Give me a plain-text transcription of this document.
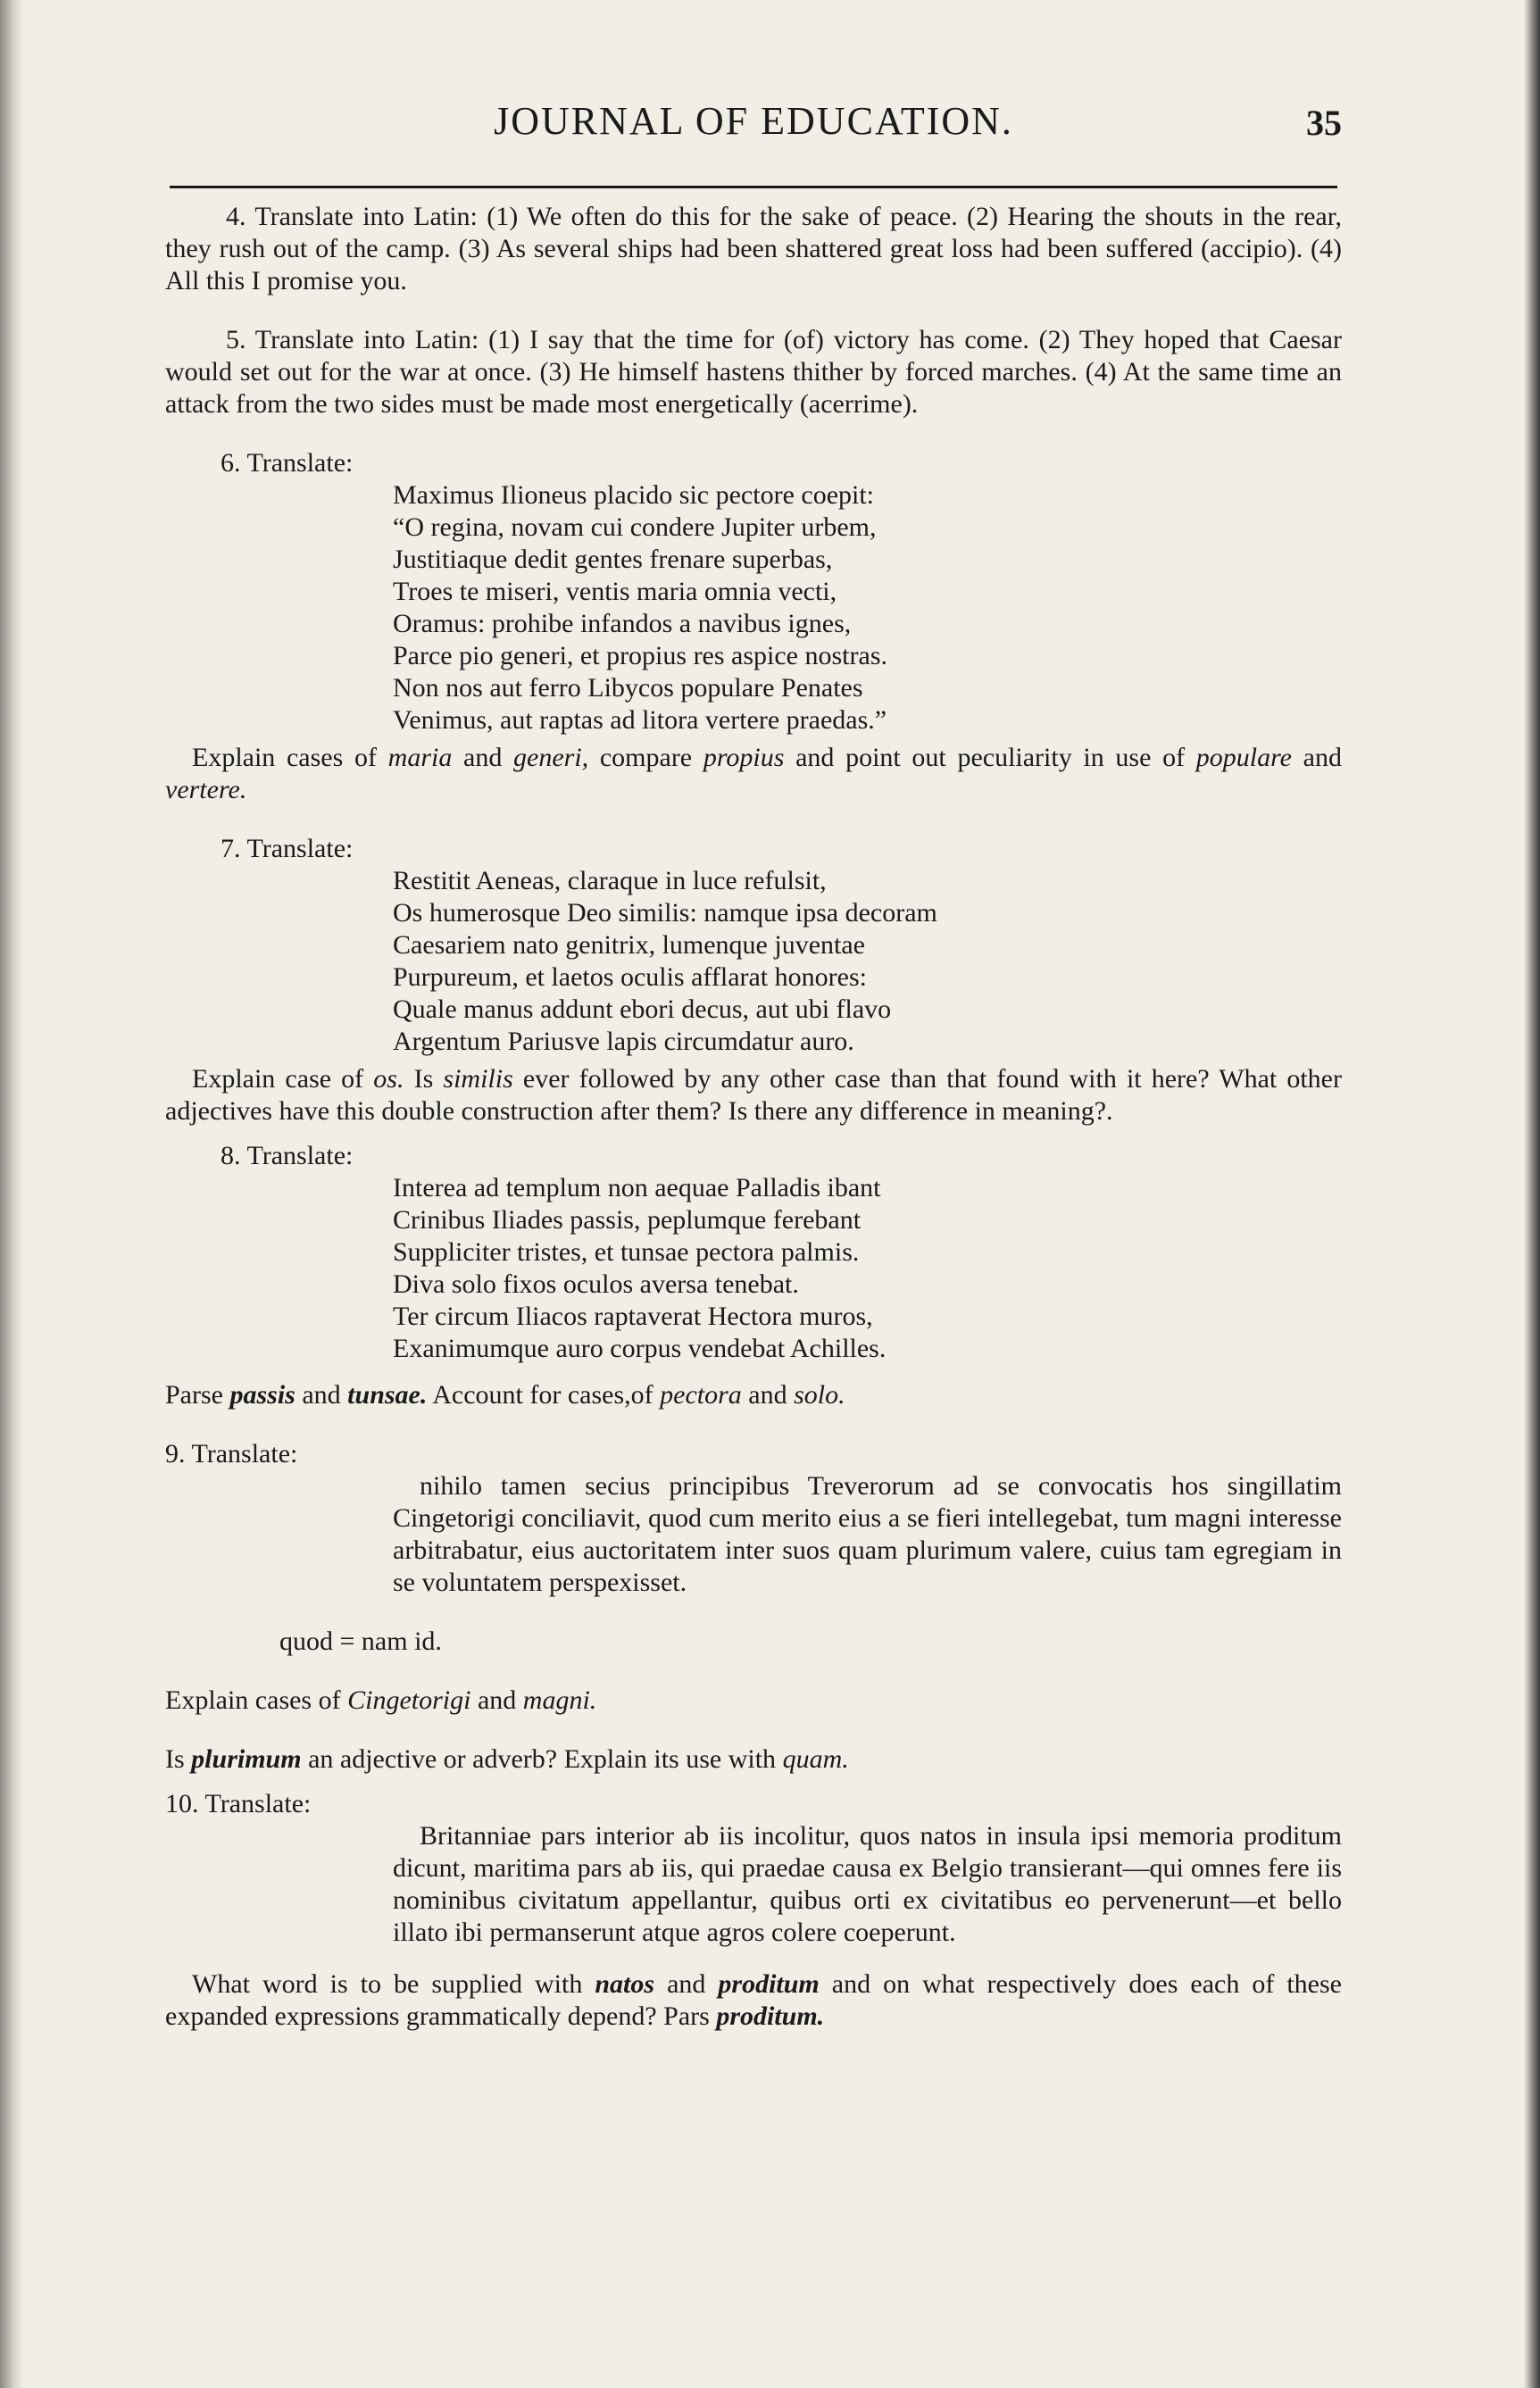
JOURNAL OF EDUCATION.	35
4. Translate into Latin: (1) We often do this for the sake of peace. (2) Hearing the shouts in the rear, they rush out of the camp. (3) As several ships had been shattered great loss had been suffered (accipio). (4) All this I promise you.
5. Translate into Latin: (1) I say that the time for (of) victory has come. (2) They hoped that Caesar would set out for the war at once. (3) He himself hastens thither by forced marches. (4) At the same time an attack from the two sides must be made most energetically (acerrime).
6. Translate:
Maximus Ilioneus placido sic pectore coepit:
“O regina, novam cui condere Jupiter urbem,
Justitiaque dedit gentes frenare superbas,
Troes te miseri, ventis maria omnia vecti,
Oramus: prohibe infandos a navibus ignes,
Parce pio generi, et propius res aspice nostras.
Non nos aut ferro Libycos populare Penates
Venimus, aut raptas ad litora vertere praedas.”
Explain cases of maria and generi, compare propius and point out peculiarity in use of populare and vertere.
7. Translate:
Restitit Aeneas, claraque in luce refulsit,
Os humerosque Deo similis: namque ipsa decoram
Caesariem nato genitrix, lumenque juventae
Purpureum, et laetos oculis afflarat honores:
Quale manus addunt ebori decus, aut ubi flavo
Argentum Pariusve lapis circumdatur auro.
Explain case of os. Is similis ever followed by any other case than that found with it here? What other adjectives have this double construction after them? Is there any difference in meaning?.
8. Translate:
Interea ad templum non aequae Palladis ibant
Crinibus Iliades passis, peplumque ferebant
Suppliciter tristes, et tunsae pectora palmis.
Diva solo fixos oculos aversa tenebat.
Ter circum Iliacos raptaverat Hectora muros,
Exanimumque auro corpus vendebat Achilles.
Parse passis and tunsae. Account for cases,of pectora and solo.
9. Translate:
nihilo tamen secius principibus Treverorum ad se convocatis hos singillatim Cingetorigi conciliavit, quod cum merito eius a se fieri intellegebat, tum magni interesse arbitrabatur, eius auctoritatem inter suos quam plurimum valere, cuius tam egregiam in se voluntatem perspexisset.
quod = nam id.
Explain cases of Cingetorigi and magni.
Is plurimum an adjective or adverb? Explain its use with quam.
10. Translate:
Britanniae pars interior ab iis incolitur, quos natos in insula ipsi memoria proditum dicunt, maritima pars ab iis, qui praedae causa ex Belgio transierant—qui omnes fere iis nominibus civitatum appellantur, quibus orti ex civitatibus eo pervenerunt—et bello illato ibi permanserunt atque agros colere coeperunt.
What word is to be supplied with natos and proditum and on what respectively does each of these expanded expressions grammatically depend? Pars proditum.
